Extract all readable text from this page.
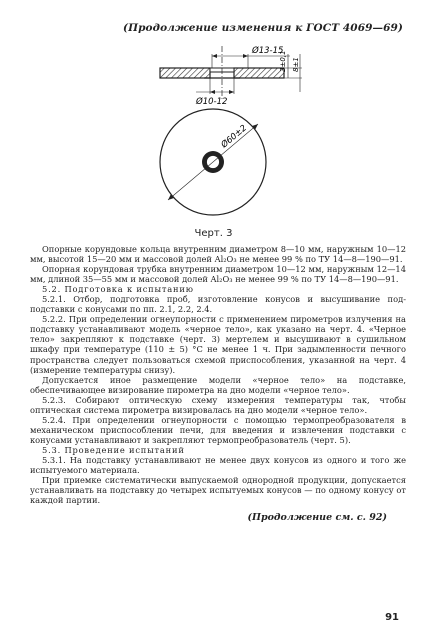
(Продолжение изменения к ГОСТ 4069—69)
Ø13-15
Ø10-12
3±0,1 8±1
Ø60±2
Черт. 3

Опорные корундовые кольца внутренним диаметром 8—10 мм, наружным 10—12 мм, высотой 15—20 мм и массовой долей Al₂O₃ не менее 99 % по ТУ 14—8—190—91.

Опорная корундовая трубка внутренним диаметром 10—12 мм, наружным 12—14 мм, длиной 35—55 мм и массовой долей Al₂O₃ не менее 99 % по ТУ 14—8—190—91.

5.2. Подготовка к испытанию

5.2.1. Отбор, подготовка проб, изготовление конусов и высушивание под-подставки с конусами по пп. 2.1, 2.2, 2.4.

5.2.2. При определении огнеупорности с применением пирометров излучения на подставку устанавливают модель «черное тело», как указано на черт. 4. «Черное тело» закрепляют к подставке (черт. 3) мертелем и высушивают в сушильном шкафу при температуре (110 ± 5) °С не менее 1 ч. При задымленности печного пространства следует пользоваться схемой приспособления, указанной на черт. 4 (измерение температуры снизу).

Допускается иное размещение модели «черное тело» на подставке, обеспечивающее визирование пирометра на дно модели «черное тело».

5.2.3. Собирают оптическую схему измерения температуры так, чтобы оптическая система пирометра визировалась на дно модели «черное тело».

5.2.4. При определении огнеупорности с помощью термопреобразователя в механическом приспособлении печи, для введения и извлечения подставки с конусами устанавливают и закрепляют термопреобразователь (черт. 5).

5.3. Проведение испытаний

5.3.1. На подставку устанавливают не менее двух конусов из одного и того же испытуемого материала.

При приемке систематически выпускаемой однородной продукции, допускается устанавливать на подставку до четырех испытуемых конусов — по одному конусу от каждой партии.

(Продолжение см. с. 92)
91
